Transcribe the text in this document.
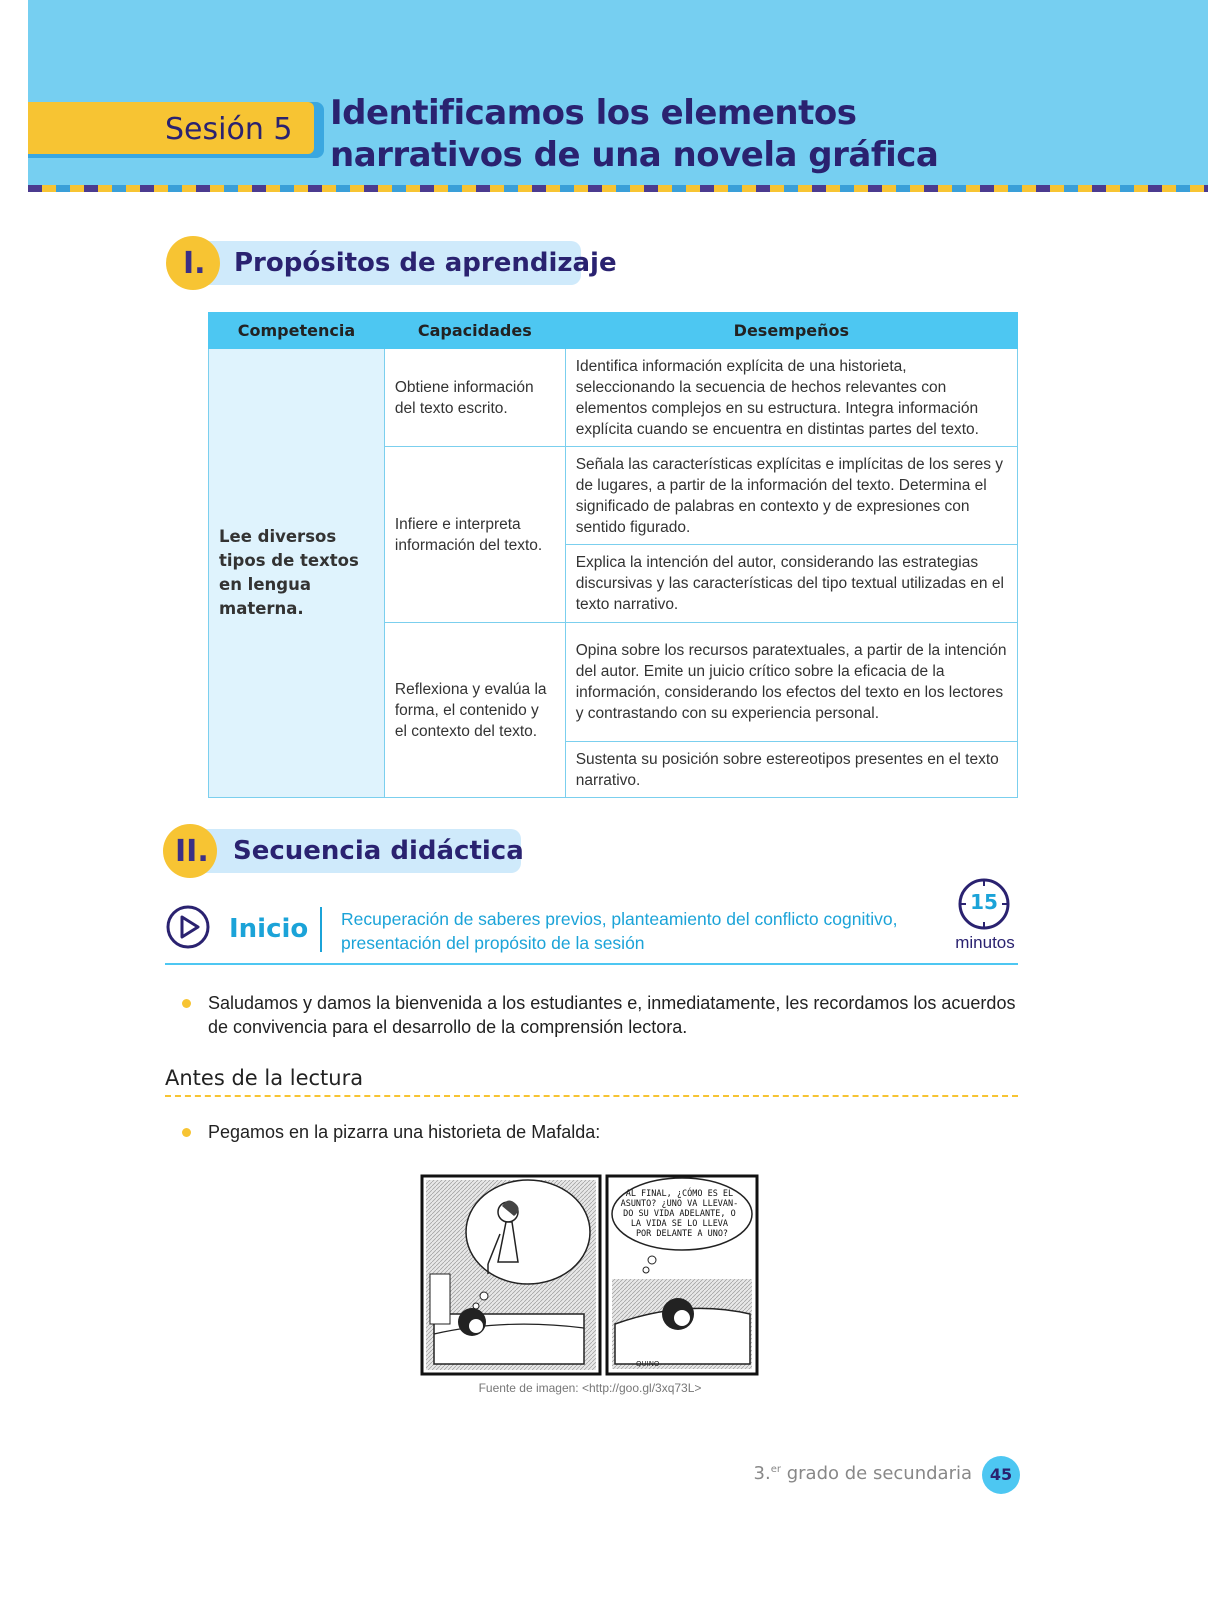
Sesión 5 Identificamos los elementos narrativos de una novela gráfica
I. Propósitos de aprendizaje
Competencia	Capacidades	Desempeños
Lee diversos tipos de textos en lengua materna.	Obtiene información del texto escrito.	Identifica información explícita de una historieta, seleccionando la secuencia de hechos relevantes con elementos complejos en su estructura. Integra información explícita cuando se encuentra en distintas partes del texto.
	Infiere e interpreta información del texto.	Señala las características explícitas e implícitas de los seres y de lugares, a partir de la información del texto. Determina el significado de palabras en contexto y de expresiones con sentido figurado.
		Explica la intención del autor, considerando las estrategias discursivas y las características del tipo textual utilizadas en el texto narrativo.
	Reflexiona y evalúa la forma, el contenido y el contexto del texto.	Opina sobre los recursos paratextuales, a partir de la intención del autor. Emite un juicio crítico sobre la eficacia de la información, considerando los efectos del texto en los lectores y contrastando con su experiencia personal.
		Sustenta su posición sobre estereotipos presentes en el texto narrativo.
II. Secuencia didáctica
Inicio Recuperación de saberes previos, planteamiento del conflicto cognitivo, presentación del propósito de la sesión
15
minutos
Saludamos y damos la bienvenida a los estudiantes e, inmediatamente, les recordamos los acuerdos de convivencia para el desarrollo de la comprensión lectora.
Antes de la lectura
Pegamos en la pizarra una historieta de Mafalda:
AL FINAL, ¿CÓMO ES EL ASUNTO? ¿UNO VA LLEVAN- DO SU VIDA ADELANTE, O LA VIDA SE LO LLEVA POR DELANTE A UNO?
QUINO
Fuente de imagen: <http://goo.gl/3xq73L>
3.$^{er}$ grado de secundaria	45
